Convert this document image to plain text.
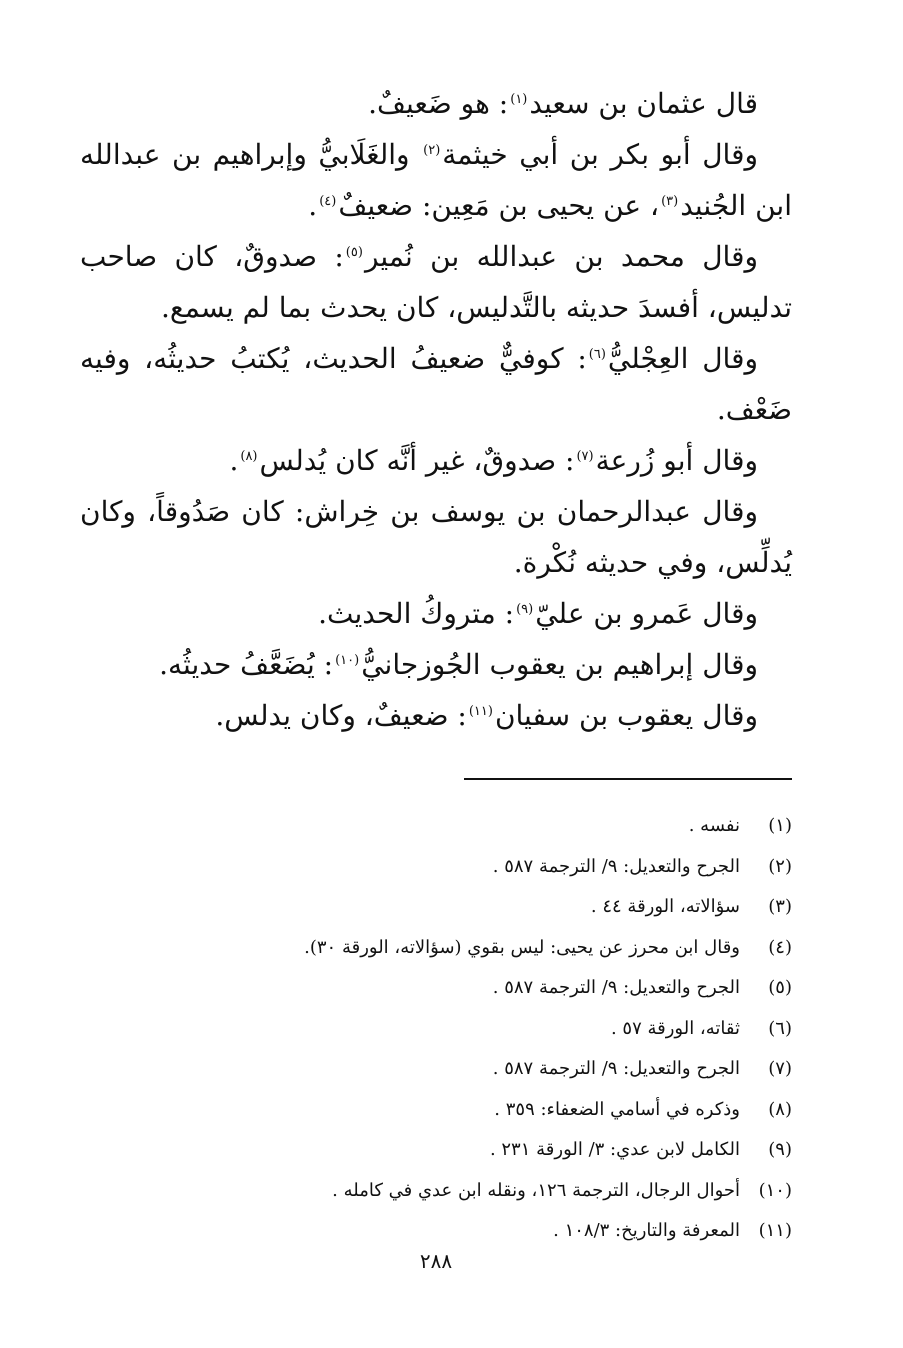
قال عثمان بن سعيد$^{(١)}$: هو ضَعيفٌ.

وقال أبو بكر بن أبي خيثمة$^{(٢)}$ والغَلَابيُّ وإبراهيم بن عبدالله ابن الجُنيد$^{(٣)}$، عن يحيى بن مَعِين: ضعيفٌ$^{(٤)}$.

وقال محمد بن عبدالله بن نُمير$^{(٥)}$: صدوقٌ، كان صاحب تدليس، أفسدَ حديثه بالتَّدليس، كان يحدث بما لم يسمع.

وقال العِجْليُّ$^{(٦)}$: كوفيٌّ ضعيفُ الحديث، يُكتبُ حديثُه، وفيه ضَعْف.

وقال أبو زُرعة$^{(٧)}$: صدوقٌ، غير أنَّه كان يُدلس$^{(٨)}$.

وقال عبدالرحمان بن يوسف بن خِراش: كان صَدُوقاً، وكان يُدلِّس، وفي حديثه نُكْرة.

وقال عَمرو بن عليّ$^{(٩)}$: متروكُ الحديث.

وقال إبراهيم بن يعقوب الجُوزجانيُّ$^{(١٠)}$: يُضَعَّفُ حديثُه.

وقال يعقوب بن سفيان$^{(١١)}$: ضعيفٌ، وكان يدلس.

(١)نفسه .
(٢)الجرح والتعديل: ٩/ الترجمة ٥٨٧ .
(٣)سؤالاته، الورقة ٤٤ .
(٤)وقال ابن محرز عن يحيى: ليس بقوي (سؤالاته، الورقة ٣٠).
(٥)الجرح والتعديل: ٩/ الترجمة ٥٨٧ .
(٦)ثقاته، الورقة ٥٧ .
(٧)الجرح والتعديل: ٩/ الترجمة ٥٨٧ .
(٨)وذكره في أسامي الضعفاء: ٣٥٩ .
(٩)الكامل لابن عدي: ٣/ الورقة ٢٣١ .
(١٠)أحوال الرجال، الترجمة ١٢٦، ونقله ابن عدي في كامله .
(١١)المعرفة والتاريخ: ١٠٨/٣ .
٢٨٨
